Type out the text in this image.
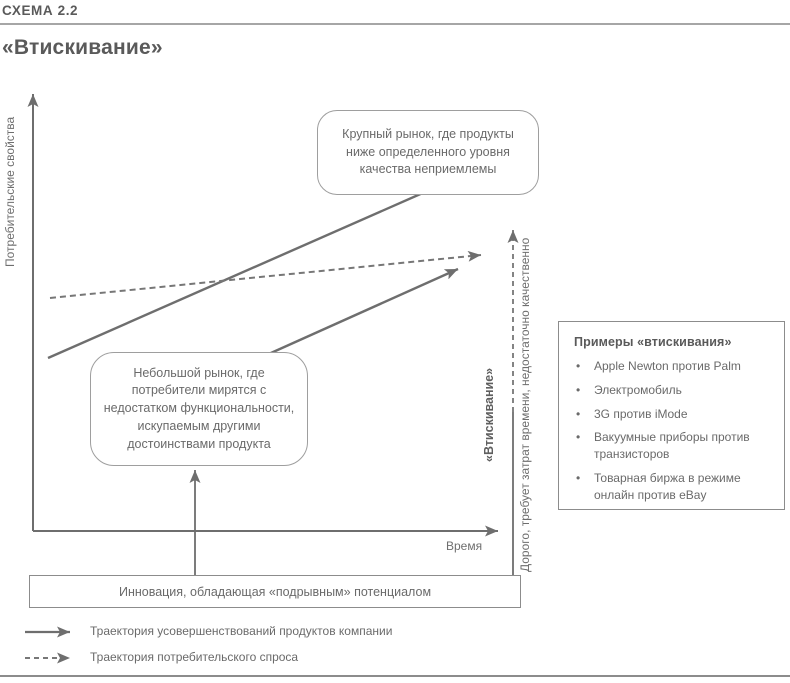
СХЕМА 2.2
«Втискивание»
Потребительские свойства	Крупный рынок, где продукты ниже определенного уровня качества неприемлемы
Небольшой рынок, где потребители мирятся с недостатком функциональности, искупаемым другими достоинствами продукта
Время
«Втискивание» Дорого, требует затрат времени, недостаточно качественно
Инновация, обладающая «подрывным» потенциалом
Примеры «втискивания»
•	Apple Newton против Palm
•	Электромобиль
•	3G против iMode
•	Вакуумные приборы против транзисторов
•	Товарная биржа в режиме онлайн против eBay
Траектория усовершенствований продуктов компании
Траектория потребительского спроса
